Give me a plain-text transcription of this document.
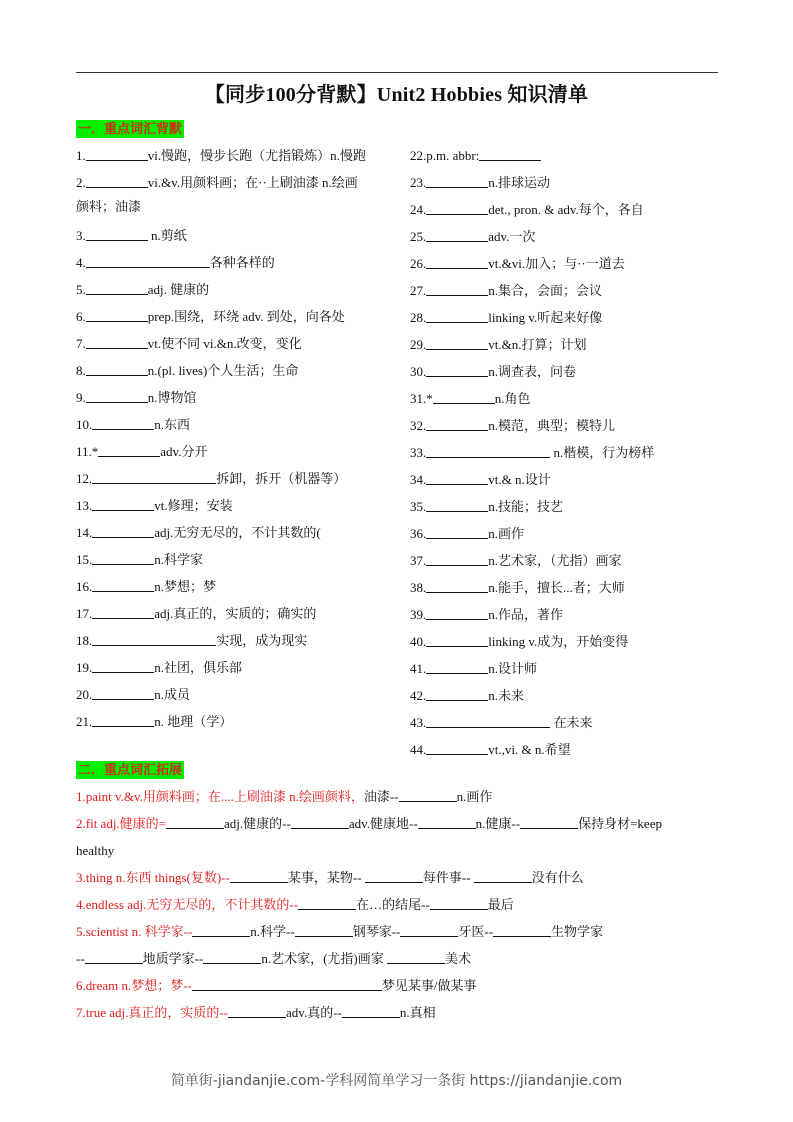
【同步100分背默】Unit2 Hobbies 知识清单
一．重点词汇背默
1.	vi.慢跑，慢步长跑（尤指锻炼）n.慢跑
2.	vi.&v.用颜料画；在··上刷油漆 n.绘画
颜料；油漆
3.	n.剪纸
4.	各种各样的
5.	adj. 健康的
6.	prep.围绕，环绕 adv. 到处，向各处
7.	vt.使不同 vi.&n.改变，变化
8.	n.(pl. lives)个人生活；生命
9.	n.博物馆
10.	n.东西
11.*	adv.分开
12.	拆卸，拆开（机器等）
13.	vt.修理；安装
14.	adj.无穷无尽的，不计其数的(
15.	n.科学家
16.	n.梦想；梦
17.	adj.真正的，实质的；确实的
18.	实现，成为现实
19.	n.社团，俱乐部
20.	n.成员
21.	n. 地理（学）
22.p.m. abbr:
23.	n.排球运动
24.	det., pron. & adv.每个，各自
25.	adv.一次
26.	vt.&vi.加入；与··一道去
27.	n.集合，会面；会议
28.	linking v.听起来好像
29.	vt.&n.打算；计划
30.	n.调查表，问卷
31.*	n.角色
32.	n.模范，典型；模特儿
33.	n.楷模，行为榜样
34.	vt.& n.设计
35.	n.技能；技艺
36.	n.画作
37.	n.艺术家，（尤指）画家
38.	n.能手，擅长...者；大师
39.	n.作品，著作
40.	linking v.成为，开始变得
41.	n.设计师
42.	n.未来
43.	在未来
44.	vt.,vi. & n.希望
二．重点词汇拓展
1.paint v.&v.用颜料画；在....上刷油漆 n.绘画颜料，油漆--	n.画作
2.fit adj.健康的=	adj.健康的--	adv.健康地--	n.健康--	保持身材=keep
healthy
3.thing n.东西 things(复数)--	某事，某物--	每件事--	没有什么
4.endless adj.无穷无尽的，不计其数的--	在…的结尾--	最后
5.scientist n. 科学家--	n.科学--	钢琴家--	牙医--	生物学家
--	地质学家--	n.艺术家，(尤指)画家	美术
6.dream n.梦想；梦--	梦见某事/做某事
7.true adj.真正的，实质的--	adv.真的--	n.真相
简单街-jiandanjie.com-学科网简单学习一条街 https://jiandanjie.com
